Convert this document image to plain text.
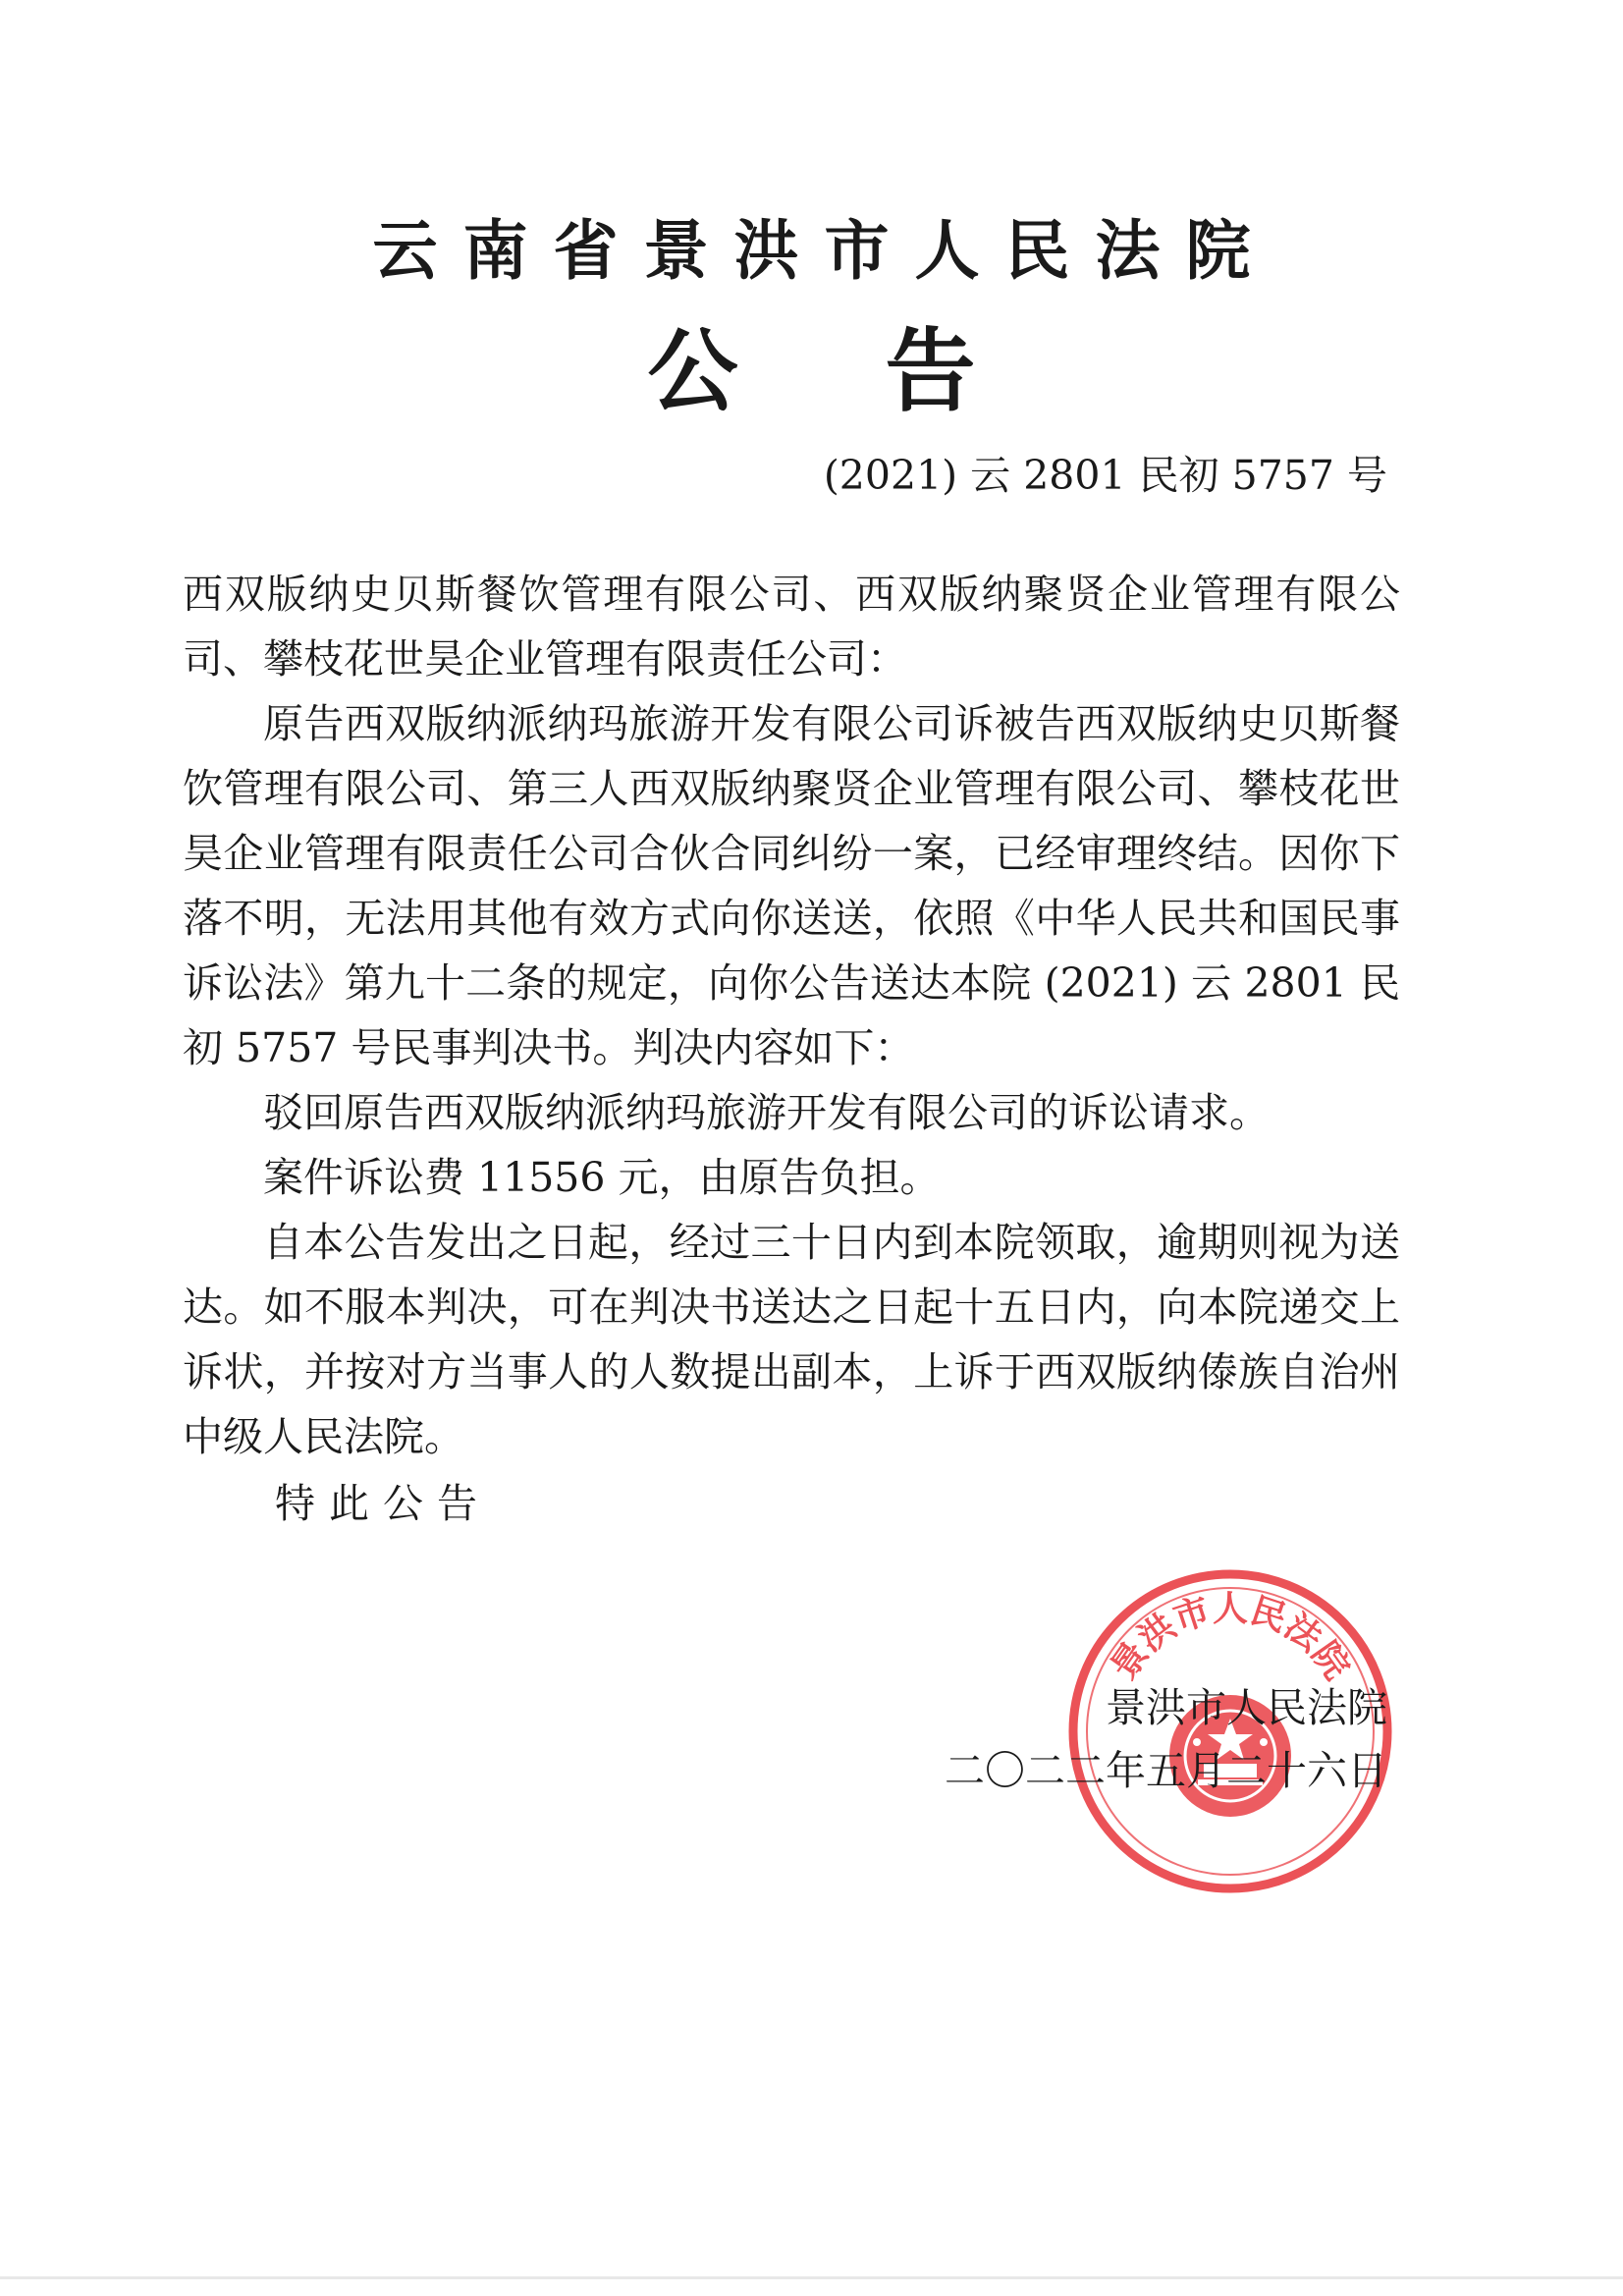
云南省景洪市人民法院
公告
(2021) 云 2801 民初 5757 号

西双版纳史贝斯餐饮管理有限公司、西双版纳聚贤企业管理有限公司、攀枝花世昊企业管理有限责任公司：

原告西双版纳派纳玛旅游开发有限公司诉被告西双版纳史贝斯餐饮管理有限公司、第三人西双版纳聚贤企业管理有限公司、攀枝花世昊企业管理有限责任公司合伙合同纠纷一案，已经审理终结。因你下落不明，无法用其他有效方式向你送送，依照《中华人民共和国民事诉讼法》第九十二条的规定，向你公告送达本院 (2021) 云 2801 民初 5757 号民事判决书。判决内容如下：

驳回原告西双版纳派纳玛旅游开发有限公司的诉讼请求。

案件诉讼费 11556 元，由原告负担。

自本公告发出之日起，经过三十日内到本院领取，逾期则视为送达。如不服本判决，可在判决书送达之日起十五日内，向本院递交上诉状，并按对方当事人的人数提出副本，上诉于西双版纳傣族自治州中级人民法院。

特此公告

景洪市人民法院
景洪市人民法院
二〇二二年五月二十六日
